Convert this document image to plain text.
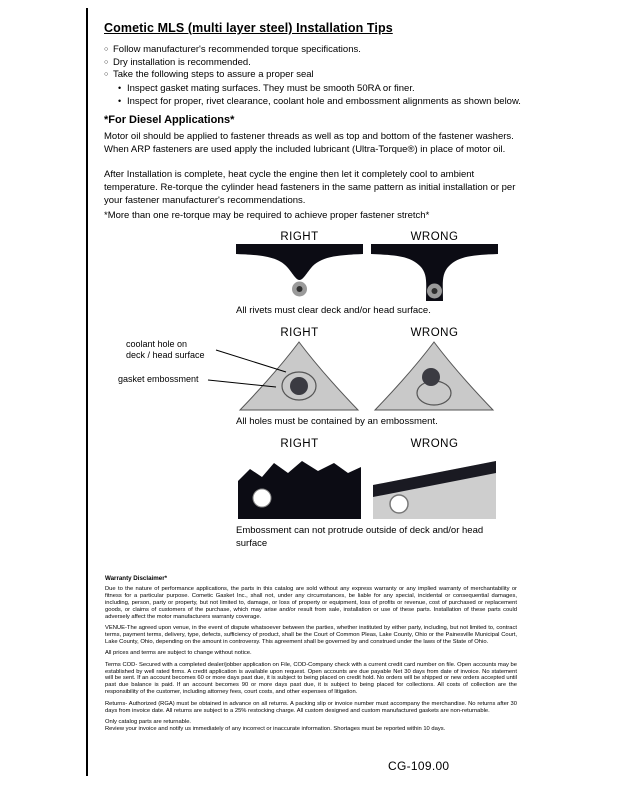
Cometic MLS (multi layer steel) Installation Tips
○ Follow manufacturer's recommended torque specifications.
○ Dry installation is recommended.
○ Take the following steps to assure a proper seal
• Inspect gasket mating surfaces. They must be smooth 50RA or finer.
• Inspect for proper, rivet clearance, coolant hole and embossment alignments as shown below.
*For Diesel Applications*

Motor oil should be applied to fastener threads as well as top and bottom of the fastener washers. When ARP fasteners are used apply the included lubricant (Ultra-Torque®) in place of motor oil.

After Installation is complete, heat cycle the engine then let it completely cool to ambient temperature. Re-torque the cylinder head fasteners in the same pattern as initial installation or per your fastener manufacturer's recommendations.

*More than one re-torque may be required to achieve proper fastener stretch*

RIGHT	WRONG

All rivets must clear deck and/or head surface.

RIGHT	WRONG

All holes must be contained by an embossment.

RIGHT	WRONG

Embossment can not protrude outside of deck and/or head surface

coolant hole on
deck / head surface
gasket embossment

Warranty Disclaimer*

Due to the nature of performance applications, the parts in this catalog are sold without any express warranty or any implied warranty of merchantability or fitness for a particular purpose. Cometic Gasket Inc., shall not, under any circumstances, be liable for any special, incidental or consequential damages, including, person, party or property, but not limited to, damage, or loss of property or equipment, loss of profits or revenue, cost of purchased or replacement goods, or claims of customers of the purchase, which may arise and/or result from sale, installation or use of these parts. Installation of these parts could adversely affect the motor manufacturers warranty coverage.

VENUE-The agreed upon venue, in the event of dispute whatsoever between the parties, whether instituted by either party, including, but not limited to, contract terms, payment terms, delivery, type, defects, sufficiency of product, shall be the Court of Common Pleas, Lake County, Ohio or the Painesville Municipal Court, Lake County, Ohio, depending on the amount in controversy. This agreement shall be governed by and construed under the laws of the State of Ohio.

All prices and terms are subject to change without notice.

Terms COD- Secured with a completed dealer/jobber application on File, COD-Company check with a current credit card number on file. Open accounts may be established by well rated firms. A credit application is available upon request. Open accounts are due payable Net 30 days from date of invoice. No statement will be sent. If an account becomes 60 or more days past due, it is subject to being placed on credit hold. No orders will be shipped or new orders accepted until past due balance is paid. If an account becomes 90 or more days past due, it is subject to being placed for collections. All costs of collection are the responsibility of the customer, including attorney fees, court costs, and other expenses of litigation.

Returns- Authorized (RGA) must be obtained in advance on all returns. A packing slip or invoice number must accompany the merchandise. No returns after 30 days from invoice date. All returns are subject to a 25% restocking charge. All custom designed and custom manufactured gaskets are non-returnable.

Only catalog parts are returnable.

Review your invoice and notify us immediately of any incorrect or inaccurate information. Shortages must be reported within 10 days.

CG-109.00
